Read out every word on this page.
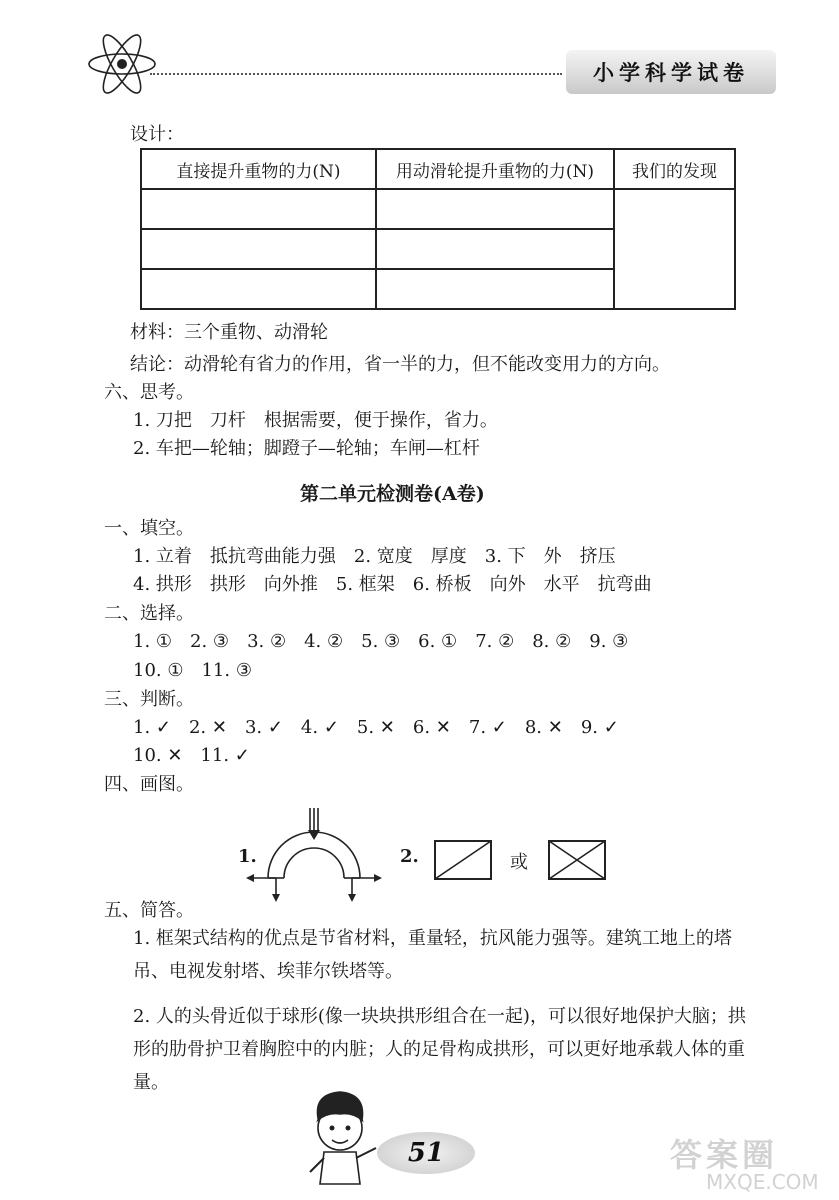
小学科学试卷
设计：
直接提升重物的力(N)	用动滑轮提升重物的力(N)	我们的发现

材料：三个重物、动滑轮
结论：动滑轮有省力的作用，省一半的力，但不能改变用力的方向。
六、思考。
1. 刀把　刀杆　根据需要，便于操作，省力。
2. 车把—轮轴；脚蹬子—轮轴；车闸—杠杆
第二单元检测卷(A卷)
一、填空。
1. 立着　抵抗弯曲能力强　2. 宽度　厚度　3. 下　外　挤压
4. 拱形　拱形　向外推　5. 框架　6. 桥板　向外　水平　抗弯曲
二、选择。
1. ①　2. ③　3. ②　4. ②　5. ③　6. ①　7. ②　8. ②　9. ③
10. ①　11. ③
三、判断。
1. ✓　2. ✕　3. ✓　4. ✓　5. ✕　6. ✕　7. ✓　8. ✕　9. ✓
10. ✕　11. ✓
四、画图。
1.	2.	或
五、简答。
1. 框架式结构的优点是节省材料，重量轻，抗风能力强等。建筑工地上的塔吊、电视发射塔、埃菲尔铁塔等。
2. 人的头骨近似于球形(像一块块拱形组合在一起)，可以很好地保护大脑；拱形的肋骨护卫着胸腔中的内脏；人的足骨构成拱形，可以更好地承载人体的重量。
51	答案圈
MXQE.COM
